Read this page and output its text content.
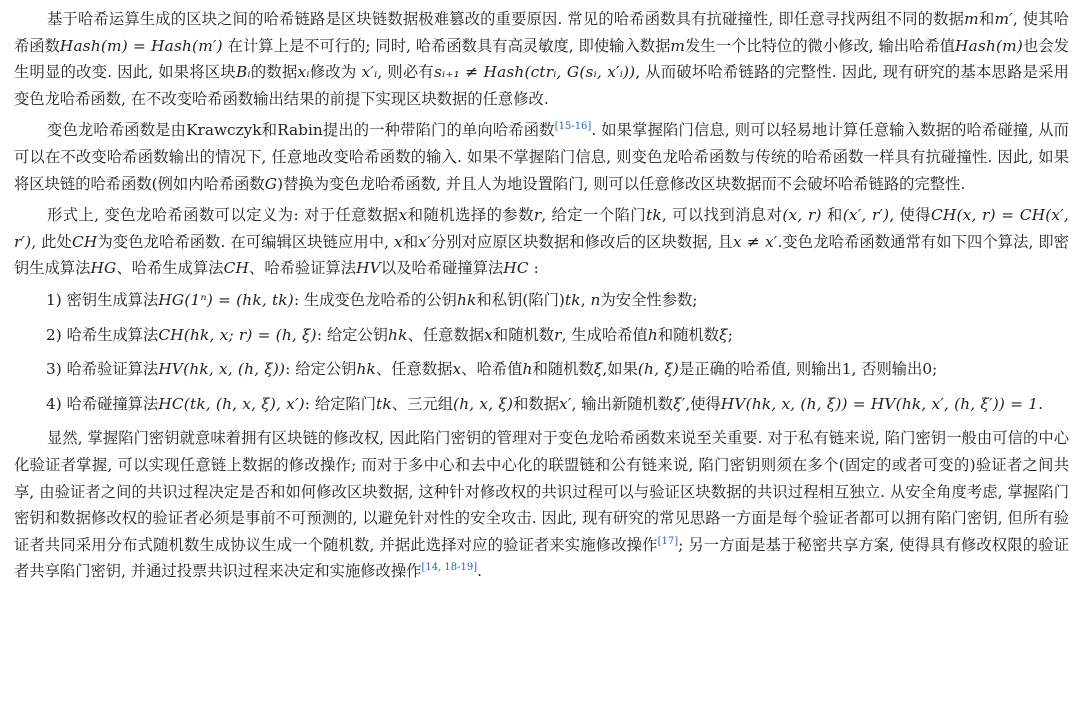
基于哈希运算生成的区块之间的哈希链路是区块链数据极难篡改的重要原因. 常见的哈希函数具有抗碰撞性, 即任意寻找两组不同的数据m和m′, 使其哈希函数Hash(m) = Hash(m′) 在计算上是不可行的; 同时, 哈希函数具有高灵敏度, 即使输入数据m发生一个比特位的微小修改, 输出哈希值Hash(m)也会发生明显的改变. 因此, 如果将区块Bᵢ的数据xᵢ修改为 x′ᵢ, 则必有sᵢ₊₁ ≠ Hash(ctrᵢ, G(sᵢ, x′ᵢ)), 从而破坏哈希链路的完整性. 因此, 现有研究的基本思路是采用变色龙哈希函数, 在不改变哈希函数输出结果的前提下实现区块数据的任意修改.

变色龙哈希函数是由Krawczyk和Rabin提出的一种带陷门的单向哈希函数[15-16]. 如果掌握陷门信息, 则可以轻易地计算任意输入数据的哈希碰撞, 从而可以在不改变哈希函数输出的情况下, 任意地改变哈希函数的输入. 如果不掌握陷门信息, 则变色龙哈希函数与传统的哈希函数一样具有抗碰撞性. 因此, 如果将区块链的哈希函数(例如内哈希函数G)替换为变色龙哈希函数, 并且人为地设置陷门, 则可以任意修改区块数据而不会破坏哈希链路的完整性.

形式上, 变色龙哈希函数可以定义为: 对于任意数据x和随机选择的参数r, 给定一个陷门tk, 可以找到消息对(x, r) 和(x′, r′), 使得CH(x, r) = CH(x′, r′), 此处CH为变色龙哈希函数. 在可编辑区块链应用中, x和x′分别对应原区块数据和修改后的区块数据, 且x ≠ x′.变色龙哈希函数通常有如下四个算法, 即密钥生成算法HG、哈希生成算法CH、哈希验证算法HV以及哈希碰撞算法HC :

1) 密钥生成算法HG(1ⁿ) = (hk, tk): 生成变色龙哈希的公钥hk和私钥(陷门)tk, n为安全性参数;

2) 哈希生成算法CH(hk, x; r) = (h, ξ): 给定公钥hk、任意数据x和随机数r, 生成哈希值h和随机数ξ;

3) 哈希验证算法HV(hk, x, (h, ξ)): 给定公钥hk、任意数据x、哈希值h和随机数ξ,如果(h, ξ)是正确的哈希值, 则输出1, 否则输出0;

4) 哈希碰撞算法HC(tk, (h, x, ξ), x′): 给定陷门tk、三元组(h, x, ξ)和数据x′, 输出新随机数ξ′,使得HV(hk, x, (h, ξ)) = HV(hk, x′, (h, ξ′)) = 1.

显然, 掌握陷门密钥就意味着拥有区块链的修改权, 因此陷门密钥的管理对于变色龙哈希函数来说至关重要. 对于私有链来说, 陷门密钥一般由可信的中心化验证者掌握, 可以实现任意链上数据的修改操作; 而对于多中心和去中心化的联盟链和公有链来说, 陷门密钥则须在多个(固定的或者可变的)验证者之间共享, 由验证者之间的共识过程决定是否和如何修改区块数据, 这种针对修改权的共识过程可以与验证区块数据的共识过程相互独立. 从安全角度考虑, 掌握陷门密钥和数据修改权的验证者必须是事前不可预测的, 以避免针对性的安全攻击. 因此, 现有研究的常见思路一方面是每个验证者都可以拥有陷门密钥, 但所有验证者共同采用分布式随机数生成协议生成一个随机数, 并据此选择对应的验证者来实施修改操作[17]; 另一方面是基于秘密共享方案, 使得具有修改权限的验证者共享陷门密钥, 并通过投票共识过程来决定和实施修改操作[14, 18-19].
